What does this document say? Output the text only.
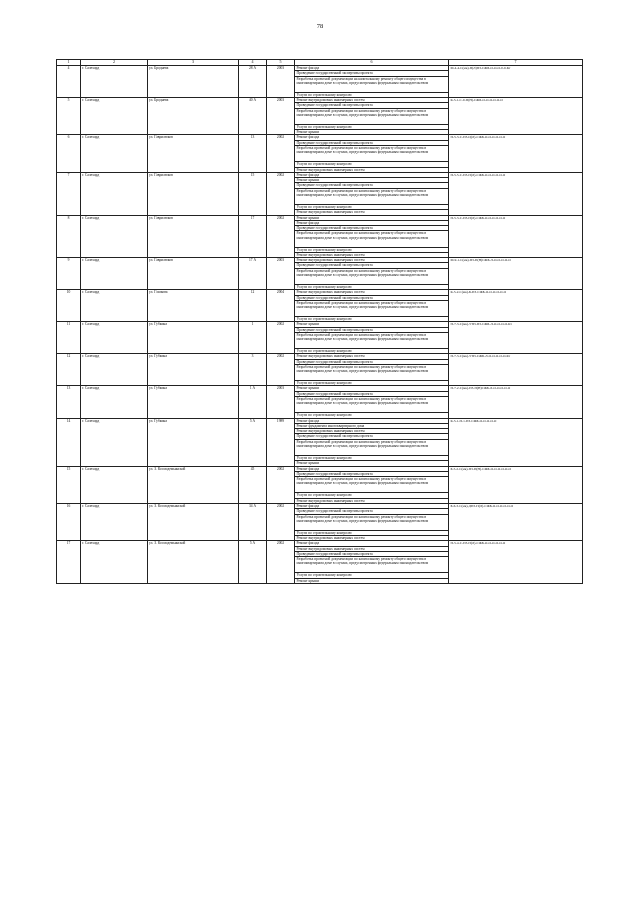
78
1	2	3	4	5	6	7
4	г. Салехард	ул. Броднева	28 А	2003	Ремонт фасада	М-4-4-С(мк)-П(Л)П3-СЖБ-О-О-О-0-0-Кт
					Проведение государственной экспертизы проекта	
					Разработка проектной документации на капитальному ремонту общего имущества в многоквартирном доме в случаях, предусмотренных федеральным законодательством	
					Услуги по строительному контролю	
5	г. Салехард	ул. Броднева	40 А	2003	Ремонт внутридомовых инженерных систем	К-5-1-С-0-П(Н)-СЖБ-О-О-О-О-О-О
					Проведение государственной экспертизы проекта	
					Разработка проектной документации по капитальному ремонту общего имущества в многоквартирном доме в случаях, предусмотренных федеральным законодательством	
					Услуги по строительному контролю	
					Ремонт крыши	
6	г. Салехард	ул. Гаврилюков	13	2002	Ремонт фасада	П-5-3-С-П3-Ц(Л)-СЖБ-О-О-О-О-О-О
					Проведение государственной экспертизы проекта	
					Разработка проектной документации по капитальному ремонту общего имущества в многоквартирном доме в случаях, предусмотренных федеральным законодательством	
					Услуги по строительному контролю	
					Ремонт внутридомовых инженерных систем	
7	г. Салехард	ул. Гаврилюков	15	2002	Ремонт фасада	П-5-5-С-П3-П(Л)-СЖБ-О-О-О-О-О-О
					Ремонт крыши	
					Проведение государственной экспертизы проекта	
					Разработка проектной документации по капитальному ремонту общего имущества в многоквартирном доме в случаях, предусмотренных федеральным законодательством	
					Услуги по строительному контролю	
					Ремонт внутридомовых инженерных систем	
8	г. Салехард	ул. Гаврилюков	17	2002	Ремонт крыши	П-5-3-С-П3-П(Л)-СЖБ-О-О-О-О-О-О
					Ремонт фасада	
					Проведение государственной экспертизы проекта	
					Разработка проектной документации по капитальному ремонту общего имущества в многоквартирном доме в случаях, предусмотренных федеральным законодательством	
					Услуги по строительному контролю	
					Ремонт внутридомовых инженерных систем	
9	г. Салехард	ул. Гаврилюков	17 А	2003	Ремонт внутридомовых инженерных систем	М-9-1-С(мк)-П3-П(Н)СЖБ-Л-О-О-О-О-О
					Проведение государственной экспертизы проекта	
					Разработка проектной документации по капитальному ремонту общего имущества в многоквартирном доме в случаях, предусмотренных федеральным законодательством	
					Услуги по строительному контролю	
10	г. Салехард	ул. Глазкова	12	2004	Ремонт внутридомовых инженерных систем	К-5-2-С(мк)-Б-П3-СЖБ-О-О-О-О-О-О
					Проведение государственной экспертизы проекта	
					Разработка проектной документации по капитальному ремонту общего имущества в многоквартирном доме в случаях, предусмотренных федеральным законодательством	
					Услуги по строительному контролю	
11	г. Салехард	ул. Губкина	1	2002	Ремонт крыши	П-7-3-С(мк)-УП3-П3-СЖБ-Л-О-О-О-О-Кт
					Проведение государственной экспертизы проекта	
					Разработка проектной документации по капитальному ремонту общего имущества в многоквартирном доме в случаях, предусмотренных федеральным законодательством	
					Услуги по строительному контролю	
12	г. Салехард	ул. Губкина	3	2002	Ремонт внутридомовых инженерных систем	П-7-3-С(мк)-УП3-СЖБ-Л-О-О-О-О-О-Кт
					Проведение государственной экспертизы проекта	
					Разработка проектной документации по капитальному ремонту общего имущества в многоквартирном доме в случаях, предусмотренных федеральным законодательством	
					Услуги по строительному контролю	
13	г. Салехард	ул. Губкина	1 А	2003	Ремонт крыши	П-7-2-С(мк)-П3-П(Н)СЖБ-Л-О-О-О-О-О
					Проведение государственной экспертизы проекта	
					Разработка проектной документации по капитальному ремонту общего имущества в многоквартирном доме в случаях, предусмотренных федеральным законодательством	
					Услуги по строительному контролю	
14	г. Салехард	ул. Губкина	5 А	1989	Ремонт фасада	К-5-1-П-1-ПЗ-СЖБ-О-О-О-О-О
					Ремонт фундамента многоквартирного дома	
					Ремонт внутридомовых инженерных систем	
					Проведение государственной экспертизы проекта	
					Разработка проектной документации по капитальному ремонту общего имущества в многоквартирном доме в случаях, предусмотренных федеральным законодательством	
					Услуги по строительному контролю	
					Ремонт крыши	
15	г. Салехард	ул. З. Космодемьянской	45	2002	Ремонт фасада	Б-5-2-С(мк)-П3-П(Н)-СЖБ-О-О-О-О-О-О
					Проведение государственной экспертизы проекта	
					Разработка проектной документации по капитальному ремонту общего имущества в многоквартирном доме в случаях, предусмотренных федеральным законодательством	
					Услуги по строительному контролю	
					Ремонт внутридомовых инженерных систем	
16	г. Салехард	ул. З. Космодемьянской	34 А	2002	Ремонт фасада	Б-6-3-С(мк)-ДП3-П(Л)-СЖБ-О-О-О-О-О-О
					Проведение государственной экспертизы проекта	
					Разработка проектной документации по капитальному ремонту общего имущества в многоквартирном доме в случаях, предусмотренных федеральным законодательством	
					Услуги по строительному контролю	
					Ремонт внутридомовых инженерных систем	
17	г. Салехард	ул. З. Космодемьянской	5 А	2002	Ремонт фасада	П-5-4-С-П3-П(Л)-СЖБ-О-О-О-О-О-О
					Ремонт внутридомовых инженерных систем	
					Проведение государственной экспертизы проекта	
					Разработка проектной документации по капитальному ремонту общего имущества в многоквартирном доме в случаях, предусмотренных федеральным законодательством	
					Услуги по строительному контролю	
					Ремонт крыши	
